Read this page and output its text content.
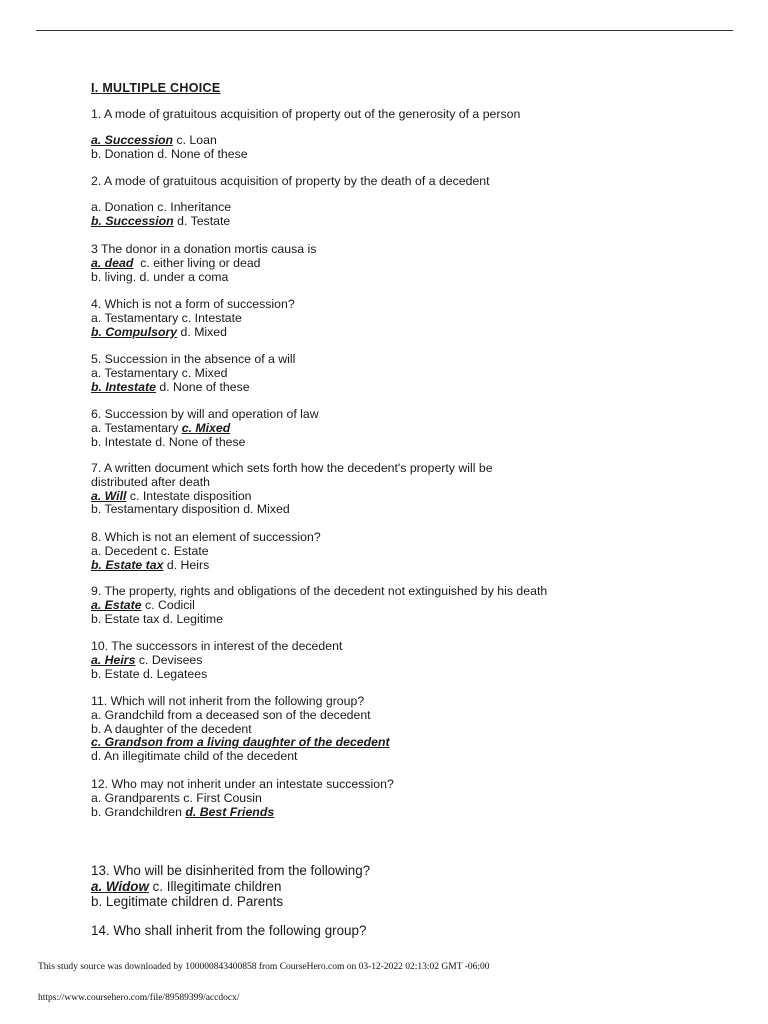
I. MULTIPLE CHOICE
1. A mode of gratuitous acquisition of property out of the generosity of a person
a. Succession c. Loan
b. Donation d. None of these
2. A mode of gratuitous acquisition of property by the death of a decedent
a. Donation c. Inheritance
b. Succession d. Testate
3 The donor in a donation mortis causa is
a. dead c. either living or dead
b. living. d. under a coma
4. Which is not a form of succession?
a. Testamentary c. Intestate
b. Compulsory d. Mixed
5. Succession in the absence of a will
a. Testamentary c. Mixed
b. Intestate d. None of these
6. Succession by will and operation of law
a. Testamentary c. Mixed
b. Intestate d. None of these
7. A written document which sets forth how the decedent's property will be
distributed after death
a. Will c. Intestate disposition
b. Testamentary disposition d. Mixed
8. Which is not an element of succession?
a. Decedent c. Estate
b. Estate tax d. Heirs
9. The property, rights and obligations of the decedent not extinguished by his death
a. Estate c. Codicil
b. Estate tax d. Legitime
10. The successors in interest of the decedent
a. Heirs c. Devisees
b. Estate d. Legatees
11. Which will not inherit from the following group?
a. Grandchild from a deceased son of the decedent
b. A daughter of the decedent
c. Grandson from a living daughter of the decedent
d. An illegitimate child of the decedent
12. Who may not inherit under an intestate succession?
a. Grandparents c. First Cousin
b. Grandchildren d. Best Friends
13. Who will be disinherited from the following?
a. Widow c. Illegitimate children
b. Legitimate children d. Parents
14. Who shall inherit from the following group?
This study source was downloaded by 100000843400858 from CourseHero.com on 03-12-2022 02:13:02 GMT -06:00
https://www.coursehero.com/file/89589399/accdocx/
